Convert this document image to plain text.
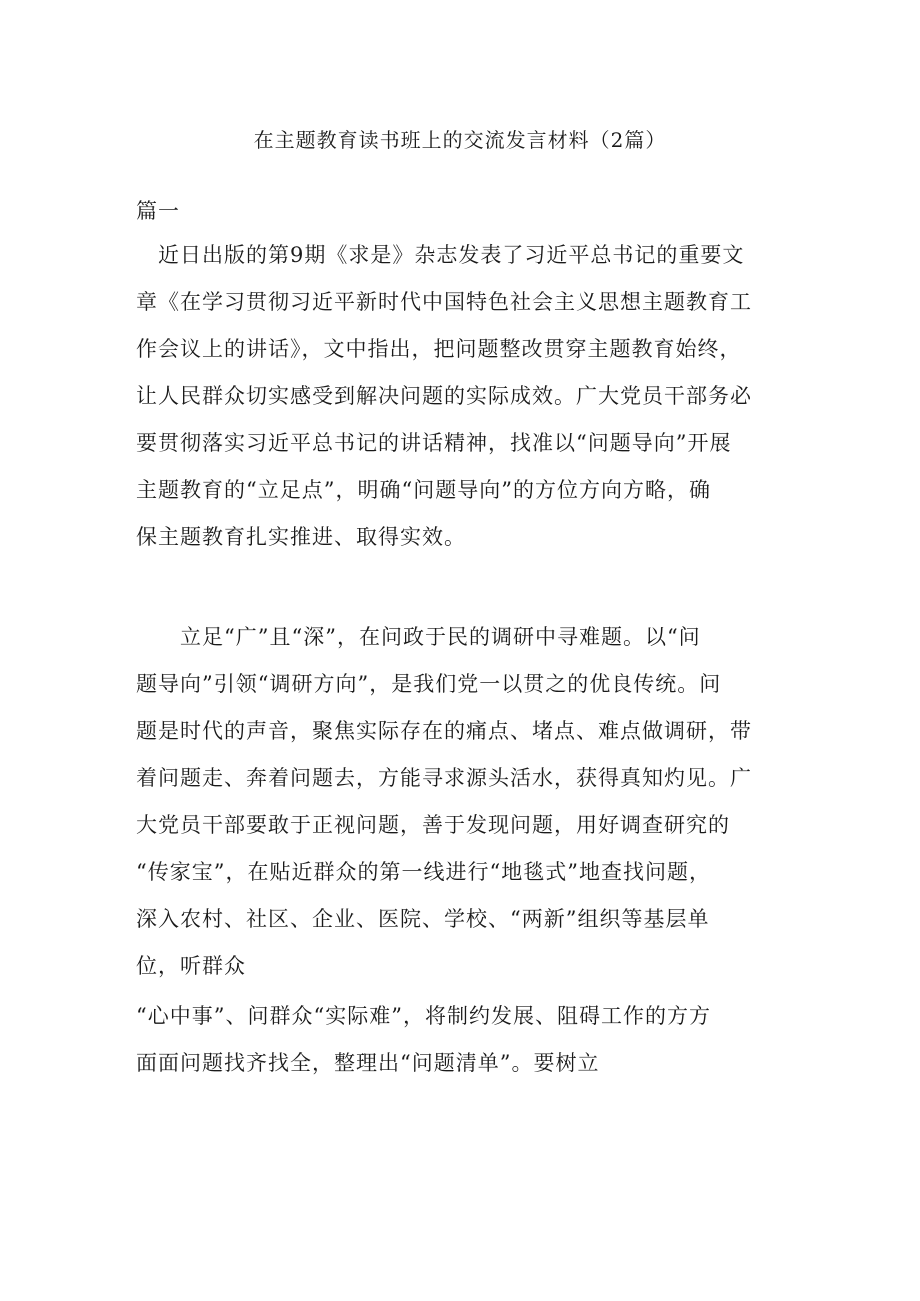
在主题教育读书班上的交流发言材料（2篇）
篇一
　近日出版的第9期《求是》杂志发表了习近平总书记的重要文
章《在学习贯彻习近平新时代中国特色社会主义思想主题教育工
作会议上的讲话》，文中指出，把问题整改贯穿主题教育始终，
让人民群众切实感受到解决问题的实际成效。广大党员干部务必
要贯彻落实习近平总书记的讲话精神，找准以“问题导向”开展
主题教育的“立足点”，明确“问题导向”的方位方向方略，确
保主题教育扎实推进、取得实效。
　　立足“广”且“深”，在问政于民的调研中寻难题。以“问
题导向”引领“调研方向”，是我们党一以贯之的优良传统。问
题是时代的声音，聚焦实际存在的痛点、堵点、难点做调研，带
着问题走、奔着问题去，方能寻求源头活水，获得真知灼见。广
大党员干部要敢于正视问题，善于发现问题，用好调查研究的
“传家宝”，在贴近群众的第一线进行“地毯式”地查找问题，
深入农村、社区、企业、医院、学校、“两新”组织等基层单
位，听群众
“心中事”、问群众“实际难”，将制约发展、阻碍工作的方方
面面问题找齐找全，整理出“问题清单”。要树立
